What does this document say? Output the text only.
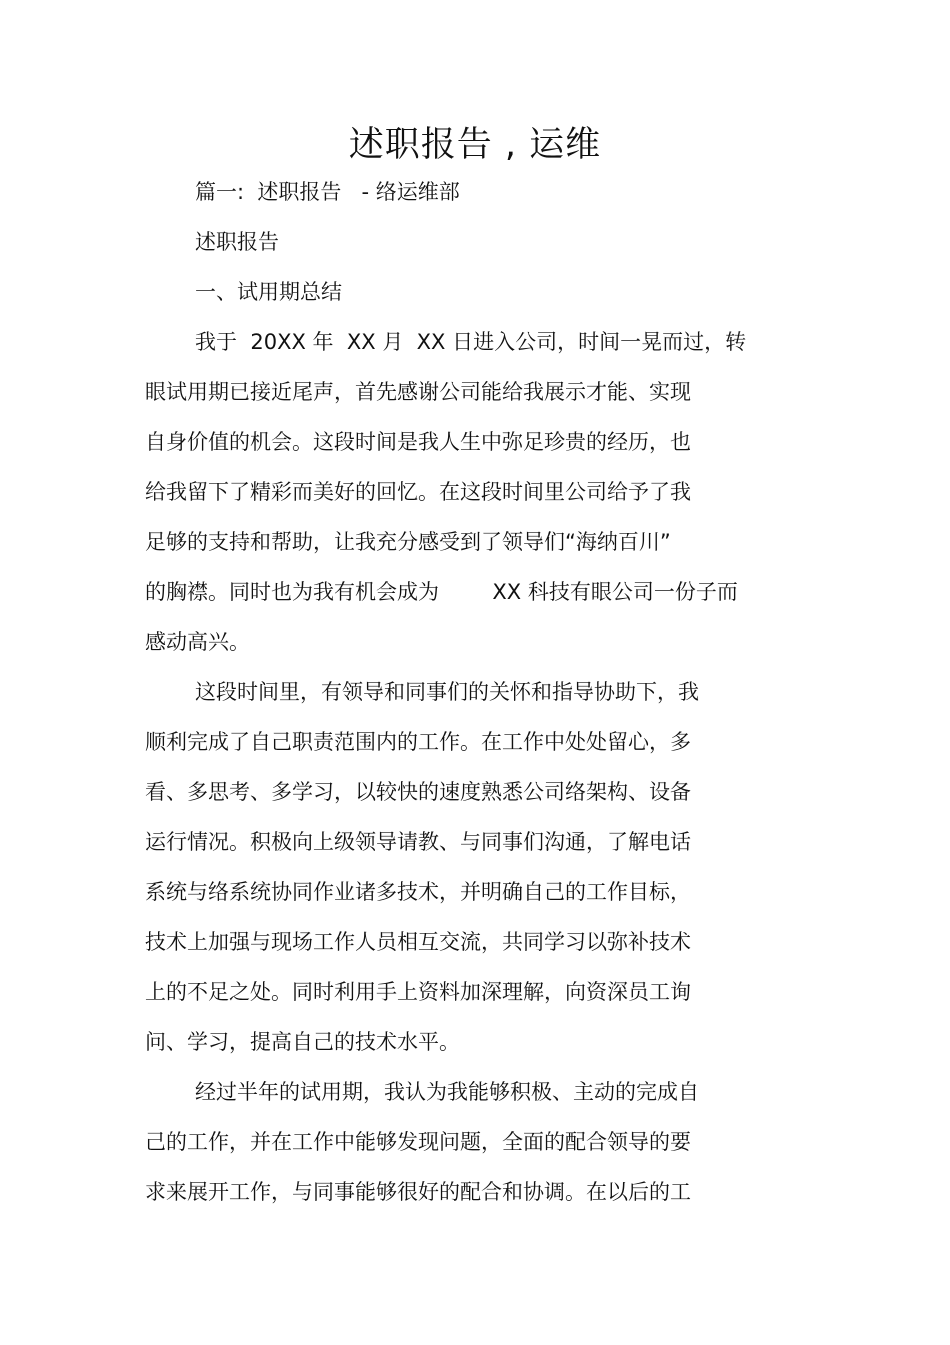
述职报告 , 运维
篇一:  述职报告   - 络运维部
述职报告
一、试用期总结
我于  20XX 年  XX 月  XX 日进入公司，时间一晃而过，转
眼试用期已接近尾声，首先感谢公司能给我展示才能、实现
自身价值的机会。这段时间是我人生中弥足珍贵的经历，也
给我留下了精彩而美好的回忆。在这段时间里公司给予了我
足够的支持和帮助，让我充分感受到了领导们“海纳百川”
的胸襟。同时也为我有机会成为        XX 科技有眼公司一份子而
感动高兴。
这段时间里，有领导和同事们的关怀和指导协助下，我
顺利完成了自己职责范围内的工作。在工作中处处留心，多
看、多思考、多学习，以较快的速度熟悉公司络架构、设备
运行情况。积极向上级领导请教、与同事们沟通，了解电话
系统与络系统协同作业诸多技术，并明确自己的工作目标，
技术上加强与现场工作人员相互交流，共同学习以弥补技术
上的不足之处。同时利用手上资料加深理解，向资深员工询
问、学习，提高自己的技术水平。
经过半年的试用期，我认为我能够积极、主动的完成自
己的工作，并在工作中能够发现问题，全面的配合领导的要
求来展开工作，与同事能够很好的配合和协调。在以后的工
